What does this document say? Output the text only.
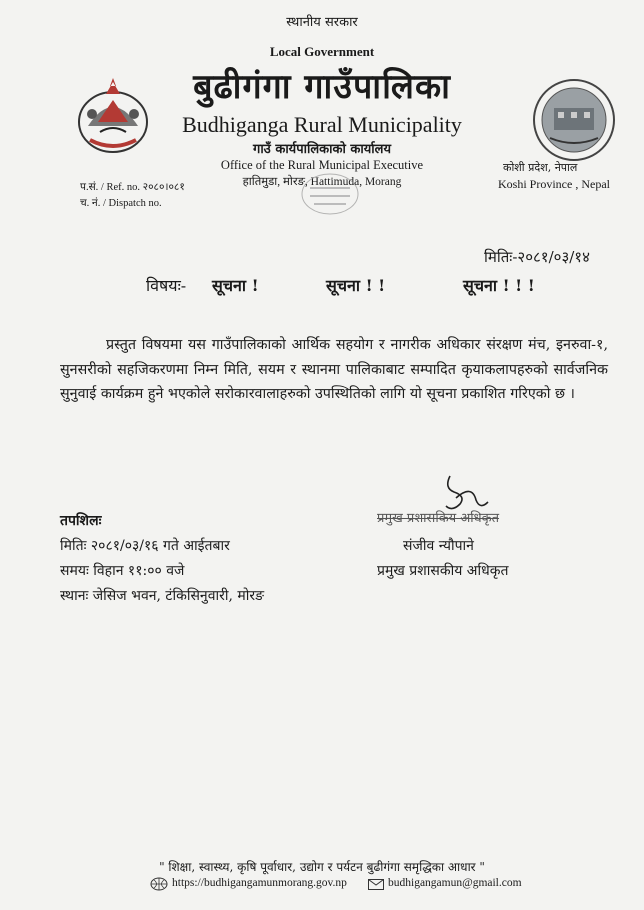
स्थानीय सरकार
Local Government
बुढीगंगा गाउँपालिका
Budhiganga Rural Municipality
गाउँ कार्यपालिकाको कार्यालय
Office of the Rural Municipal Executive
हातिमुडा, मोरङ, Hattimuda, Morang
प.सं. / Ref. no. २०८०।०८१
च. नं. / Dispatch no.
कोशी प्रदेश, नेपाल
Koshi Province , Nepal
मितिः-२०८१/०३/१४
विषयः- सूचना !	सूचना ! !	सूचना ! ! !
प्रस्तुत विषयमा यस गाउँपालिकाको आर्थिक सहयोग र नागरीक अधिकार संरक्षण मंच, इनरुवा-१, सुनसरीको सहजिकरणमा निम्न मिति, सयम र स्थानमा पालिकाबाट सम्पादित कृयाकलापहरुको सार्वजनिक सुनुवाई कार्यक्रम हुने भएकोले सरोकारवालाहरुको उपस्थितिको लागि यो सूचना प्रकाशित गरिएको छ ।
तपशिलः
मितिः २०८१/०३/१६ गते आईतबार
समयः विहान ११:०० वजे
स्थानः जेसिज भवन, टंकिसिनुवारी, मोरङ
प्रमुख प्रशासकिय अधिकृत
संजीव न्यौपाने
प्रमुख प्रशासकीय अधिकृत
" शिक्षा, स्वास्थ्य, कृषि पूर्वाधार, उद्योग र पर्यटन बुढीगंगा समृद्धिका आधार "
https://budhigangamunmorang.gov.np	budhigangamun@gmail.com
